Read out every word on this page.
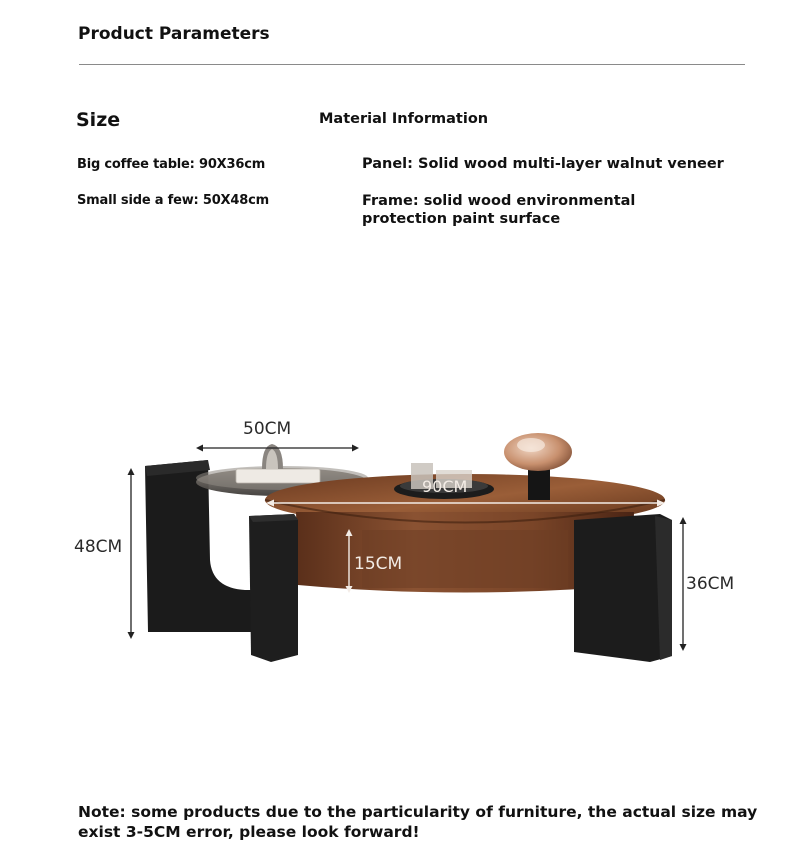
Product Parameters
Size	Material Information
Big coffee table: 90X36cm
Small side a few: 50X48cm
Panel: Solid wood multi-layer walnut veneer
Frame: solid wood environmental protection paint surface
50CM
48CM
90CM
15CM
36CM
Note: some products due to the particularity of furniture, the actual size may exist 3-5CM error, please look forward!
